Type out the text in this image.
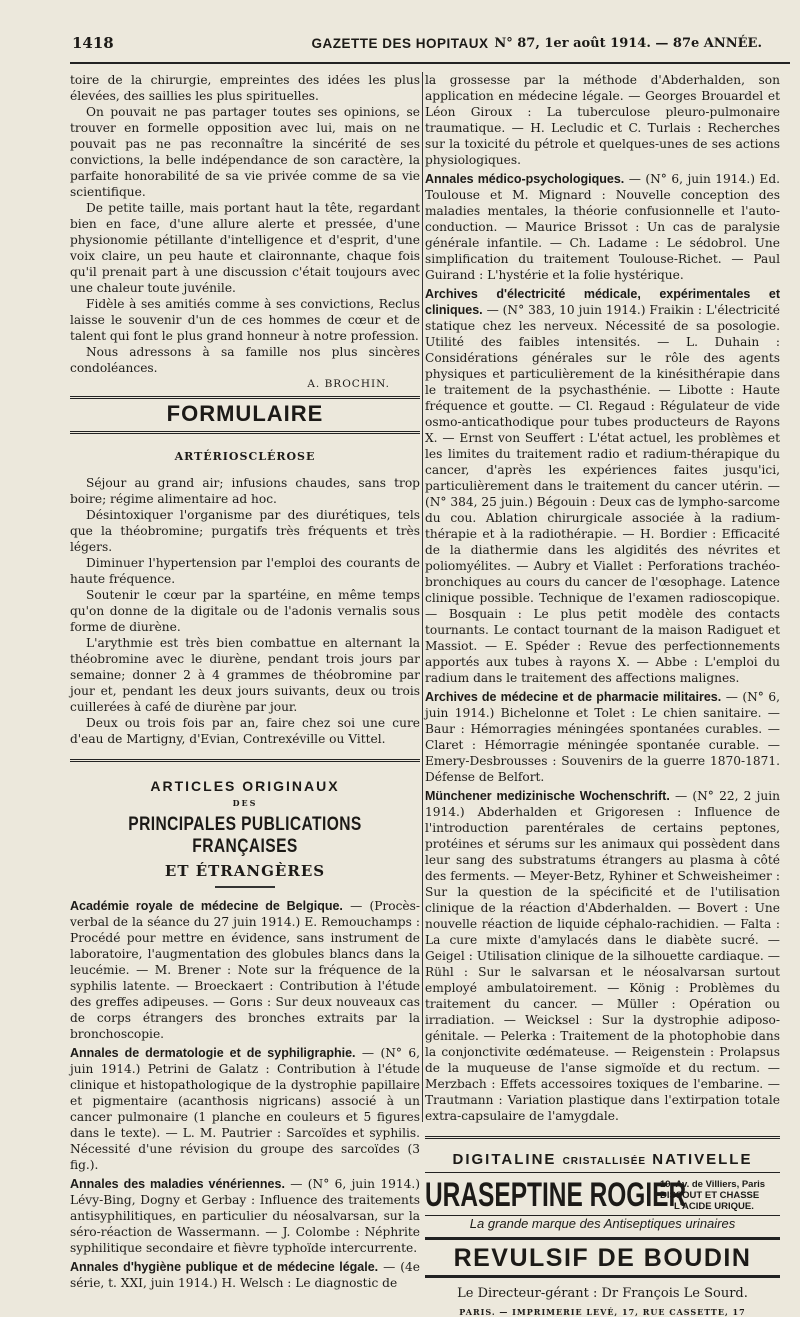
1418	GAZETTE DES HOPITAUX N° 87, 1er août 1914. — 87e ANNÉE.

toire de la chirurgie, empreintes des idées les plus élevées, des saillies les plus spirituelles.

On pouvait ne pas partager toutes ses opinions, se trouver en formelle opposition avec lui, mais on ne pouvait pas ne pas reconnaître la sincérité de ses convictions, la belle indépendance de son caractère, la parfaite honorabilité de sa vie privée comme de sa vie scientifique.

De petite taille, mais portant haut la tête, regardant bien en face, d'une allure alerte et pressée, d'une physionomie pétillante d'intelligence et d'esprit, d'une voix claire, un peu haute et claironnante, chaque fois qu'il prenait part à une discussion c'était toujours avec une chaleur toute juvénile.

Fidèle à ses amitiés comme à ses convictions, Reclus laisse le souvenir d'un de ces hommes de cœur et de talent qui font le plus grand honneur à notre profession.

Nous adressons à sa famille nos plus sincères condoléances.

A. BROCHIN.
FORMULAIRE
ARTÉRIOSCLÉROSE

Séjour au grand air; infusions chaudes, sans trop boire; régime alimentaire ad hoc.

Désintoxiquer l'organisme par des diurétiques, tels que la théobromine; purgatifs très fréquents et très légers.

Diminuer l'hypertension par l'emploi des courants de haute fréquence.

Soutenir le cœur par la spartéine, en même temps qu'on donne de la digitale ou de l'adonis vernalis sous forme de diurène.

L'arythmie est très bien combattue en alternant la théobromine avec le diurène, pendant trois jours par semaine; donner 2 à 4 grammes de théobromine par jour et, pendant les deux jours suivants, deux ou trois cuillerées à café de diurène par jour.

Deux ou trois fois par an, faire chez soi une cure d'eau de Martigny, d'Evian, Contrexéville ou Vittel.

ARTICLES ORIGINAUX
DES
PRINCIPALES PUBLICATIONS FRANÇAISES
ET ÉTRANGÈRES

Académie royale de médecine de Belgique. — (Procès-verbal de la séance du 27 juin 1914.) E. Remouchamps : Procédé pour mettre en évidence, sans instrument de laboratoire, l'augmentation des globules blancs dans la leucémie. — M. Brener : Note sur la fréquence de la syphilis latente. — Broeckaert : Contribution à l'étude des greffes adipeuses. — Gorıs : Sur deux nouveaux cas de corps étrangers des bronches extraits par la bronchoscopie.

Annales de dermatologie et de syphiligraphie. — (N° 6, juin 1914.) Petrini de Galatz : Contribution à l'étude clinique et histopathologique de la dystrophie papillaire et pigmentaire (acanthosis nigricans) associé à un cancer pulmonaire (1 planche en couleurs et 5 figures dans le texte). — L. M. Pautrier : Sarcoïdes et syphilis. Nécessité d'une révision du groupe des sarcoïdes (3 fig.).

Annales des maladies vénériennes. — (N° 6, juin 1914.) Lévy-Bing, Dogny et Gerbay : Influence des traitements antisyphilitiques, en particulier du néosalvarsan, sur la séro-réaction de Wassermann. — J. Colombe : Néphrite syphilitique secondaire et fièvre typhoïde intercurrente.

Annales d'hygiène publique et de médecine légale. — (4e série, t. XXI, juin 1914.) H. Welsch : Le diagnostic de

la grossesse par la méthode d'Abderhalden, son application en médecine légale. — Georges Brouardel et Léon Giroux : La tuberculose pleuro-pulmonaire traumatique. — H. Lecludic et C. Turlais : Recherches sur la toxicité du pétrole et quelques-unes de ses actions physiologiques.

Annales médico-psychologiques. — (N° 6, juin 1914.) Ed. Toulouse et M. Mignard : Nouvelle conception des maladies mentales, la théorie confusionnelle et l'auto-conduction. — Maurice Brissot : Un cas de paralysie générale infantile. — Ch. Ladame : Le sédobrol. Une simplification du traitement Toulouse-Richet. — Paul Guirand : L'hystérie et la folie hystérique.

Archives d'électricité médicale, expérimentales et cliniques. — (N° 383, 10 juin 1914.) Fraikin : L'électricité statique chez les nerveux. Nécessité de sa posologie. Utilité des faibles intensités. — L. Duhain : Considérations générales sur le rôle des agents physiques et particulièrement de la kinésithérapie dans le traitement de la psychasthénie. — Libotte : Haute fréquence et goutte. — Cl. Regaud : Régulateur de vide osmo-anticathodique pour tubes producteurs de Rayons X. — Ernst von Seuffert : L'état actuel, les problèmes et les limites du traitement radio et radium-thérapique du cancer, d'après les expériences faites jusqu'ici, particulièrement dans le traitement du cancer utérin. — (N° 384, 25 juin.) Bégouin : Deux cas de lympho-sarcome du cou. Ablation chirurgicale associée à la radium-thérapie et à la radiothérapie. — H. Bordier : Efficacité de la diathermie dans les algidités des névrites et poliomyélites. — Aubry et Viallet : Perforations trachéo-bronchiques au cours du cancer de l'œsophage. Latence clinique possible. Technique de l'examen radioscopique. — Bosquain : Le plus petit modèle des contacts tournants. Le contact tournant de la maison Radiguet et Massiot. — E. Spéder : Revue des perfectionnements apportés aux tubes à rayons X. — Abbe : L'emploi du radium dans le traitement des affections malignes.

Archives de médecine et de pharmacie militaires. — (N° 6, juin 1914.) Bichelonne et Tolet : Le chien sanitaire. — Baur : Hémorragies méningées spontanées curables. — Claret : Hémorragie méningée spontanée curable. — Emery-Desbrousses : Souvenirs de la guerre 1870-1871. Défense de Belfort.

Münchener medizinische Wochenschrift. — (N° 22, 2 juin 1914.) Abderhalden et Grigoresen : Influence de l'introduction parentérales de certains peptones, protéines et sérums sur les animaux qui possèdent dans leur sang des substratums étrangers au plasma à côté des ferments. — Meyer-Betz, Ryhiner et Schweisheimer : Sur la question de la spécificité et de l'utilisation clinique de la réaction d'Abderhalden. — Bovert : Une nouvelle réaction de liquide céphalo-rachidien. — Falta : La cure mixte d'amylacés dans le diabète sucré. — Geigel : Utilisation clinique de la silhouette cardiaque. — Rühl : Sur le salvarsan et le néosalvarsan surtout employé ambulatoirement. — König : Problèmes du traitement du cancer. — Müller : Opération ou irradiation. — Weicksel : Sur la dystrophie adiposo-génitale. — Pelerka : Traitement de la photophobie dans la conjonctivite œdémateuse. — Reigenstein : Prolapsus de la muqueuse de l'anse sigmoïde et du rectum. — Merzbach : Effets accessoires toxiques de l'embarine. — Trautmann : Variation plastique dans l'extirpation totale extra-capsulaire de l'amygdale.

DIGITALINE CRISTALLISÉE NATIVELLE
URASEPTINE ROGIER
19, Av. de Villiers, Paris
DISSOUT ET CHASSE
L'ACIDE URIQUE.
La grande marque des Antiseptiques urinaires
REVULSIF DE BOUDIN
Le Directeur-gérant : Dr François Le Sourd.
PARIS. — IMPRIMERIE LEVÉ, 17, RUE CASSETTE, 17
